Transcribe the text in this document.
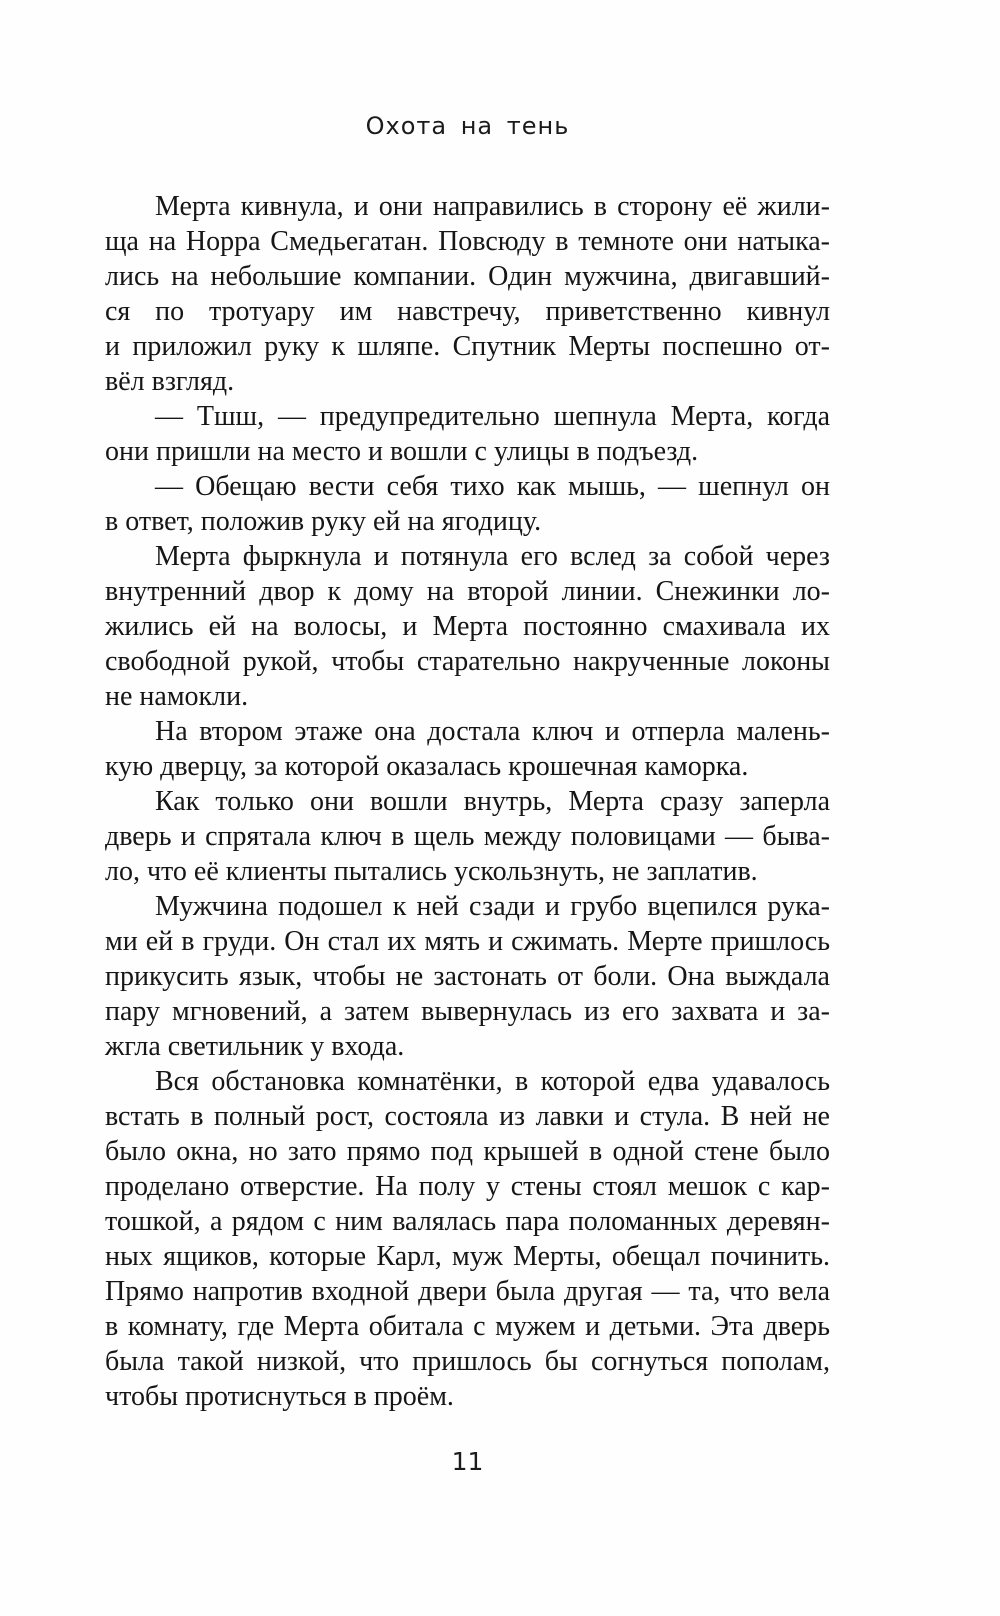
Охота на тень
Мерта кивнула, и они направились в сторону её жили-
ща на Норра Смедьегатан. Повсюду в темноте они натыка-
лись на небольшие компании. Один мужчина, двигавший-
ся по тротуару им навстречу, приветственно кивнул
и приложил руку к шляпе. Спутник Мерты поспешно от-
вёл взгляд.
— Тшш, — предупредительно шепнула Мерта, когда
они пришли на место и вошли с улицы в подъезд.
— Обещаю вести себя тихо как мышь, — шепнул он
в ответ, положив руку ей на ягодицу.
Мерта фыркнула и потянула его вслед за собой через
внутренний двор к дому на второй линии. Снежинки ло-
жились ей на волосы, и Мерта постоянно смахивала их
свободной рукой, чтобы старательно накрученные локоны
не намокли.
На втором этаже она достала ключ и отперла малень-
кую дверцу, за которой оказалась крошечная каморка.
Как только они вошли внутрь, Мерта сразу заперла
дверь и спрятала ключ в щель между половицами — быва-
ло, что её клиенты пытались ускользнуть, не заплатив.
Мужчина подошел к ней сзади и грубо вцепился рука-
ми ей в груди. Он стал их мять и сжимать. Мерте пришлось
прикусить язык, чтобы не застонать от боли. Она выждала
пару мгновений, а затем вывернулась из его захвата и за-
жгла светильник у входа.
Вся обстановка комнатёнки, в которой едва удавалось
встать в полный рост, состояла из лавки и стула. В ней не
было окна, но зато прямо под крышей в одной стене было
проделано отверстие. На полу у стены стоял мешок с кар-
тошкой, а рядом с ним валялась пара поломанных деревян-
ных ящиков, которые Карл, муж Мерты, обещал починить.
Прямо напротив входной двери была другая — та, что вела
в комнату, где Мерта обитала с мужем и детьми. Эта дверь
была такой низкой, что пришлось бы согнуться пополам,
чтобы протиснуться в проём.
11
